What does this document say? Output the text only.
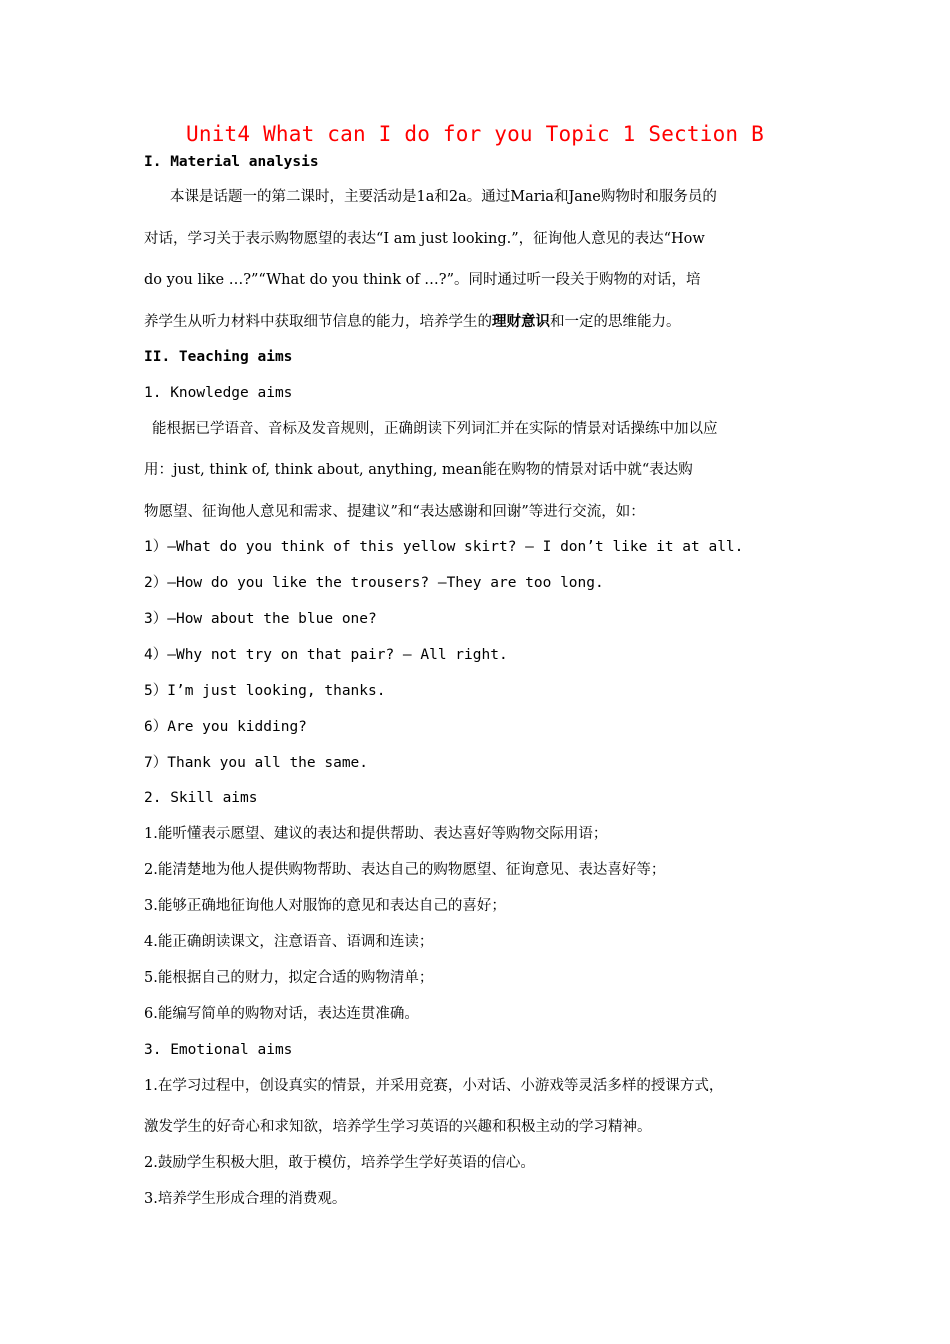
Unit4 What can I do for you Topic 1 Section B
I. Material analysis
本课是话题一的第二课时，主要活动是1a和2a。通过Maria和Jane购物时和服务员的
对话，学习关于表示购物愿望的表达“I am just looking.”，征询他人意见的表达“How
do you like …?”“What do you think of …?”。同时通过听一段关于购物的对话，培
养学生从听力材料中获取细节信息的能力，培养学生的理财意识和一定的思维能力。
II. Teaching aims
1. Knowledge aims
能根据已学语音、音标及发音规则，正确朗读下列词汇并在实际的情景对话操练中加以应
用：just, think of, think about, anything, mean能在购物的情景对话中就“表达购
物愿望、征询他人意见和需求、提建议”和“表达感谢和回谢”等进行交流，如：
1）—What do you think of this yellow skirt? — I don’t like it at all.
2）—How do you like the trousers? —They are too long.
3）—How about the blue one?
4）—Why not try on that pair? — All right.
5）I’m just looking, thanks.
6）Are you kidding?
7）Thank you all the same.
2. Skill aims
1.能听懂表示愿望、建议的表达和提供帮助、表达喜好等购物交际用语；
2.能清楚地为他人提供购物帮助、表达自己的购物愿望、征询意见、表达喜好等；
3.能够正确地征询他人对服饰的意见和表达自己的喜好；
4.能正确朗读课文，注意语音、语调和连读；
5.能根据自己的财力，拟定合适的购物清单；
6.能编写简单的购物对话，表达连贯准确。
3. Emotional aims
1.在学习过程中，创设真实的情景，并采用竞赛，小对话、小游戏等灵活多样的授课方式，
激发学生的好奇心和求知欲，培养学生学习英语的兴趣和积极主动的学习精神。
2.鼓励学生积极大胆，敢于模仿，培养学生学好英语的信心。
3.培养学生形成合理的消费观。
